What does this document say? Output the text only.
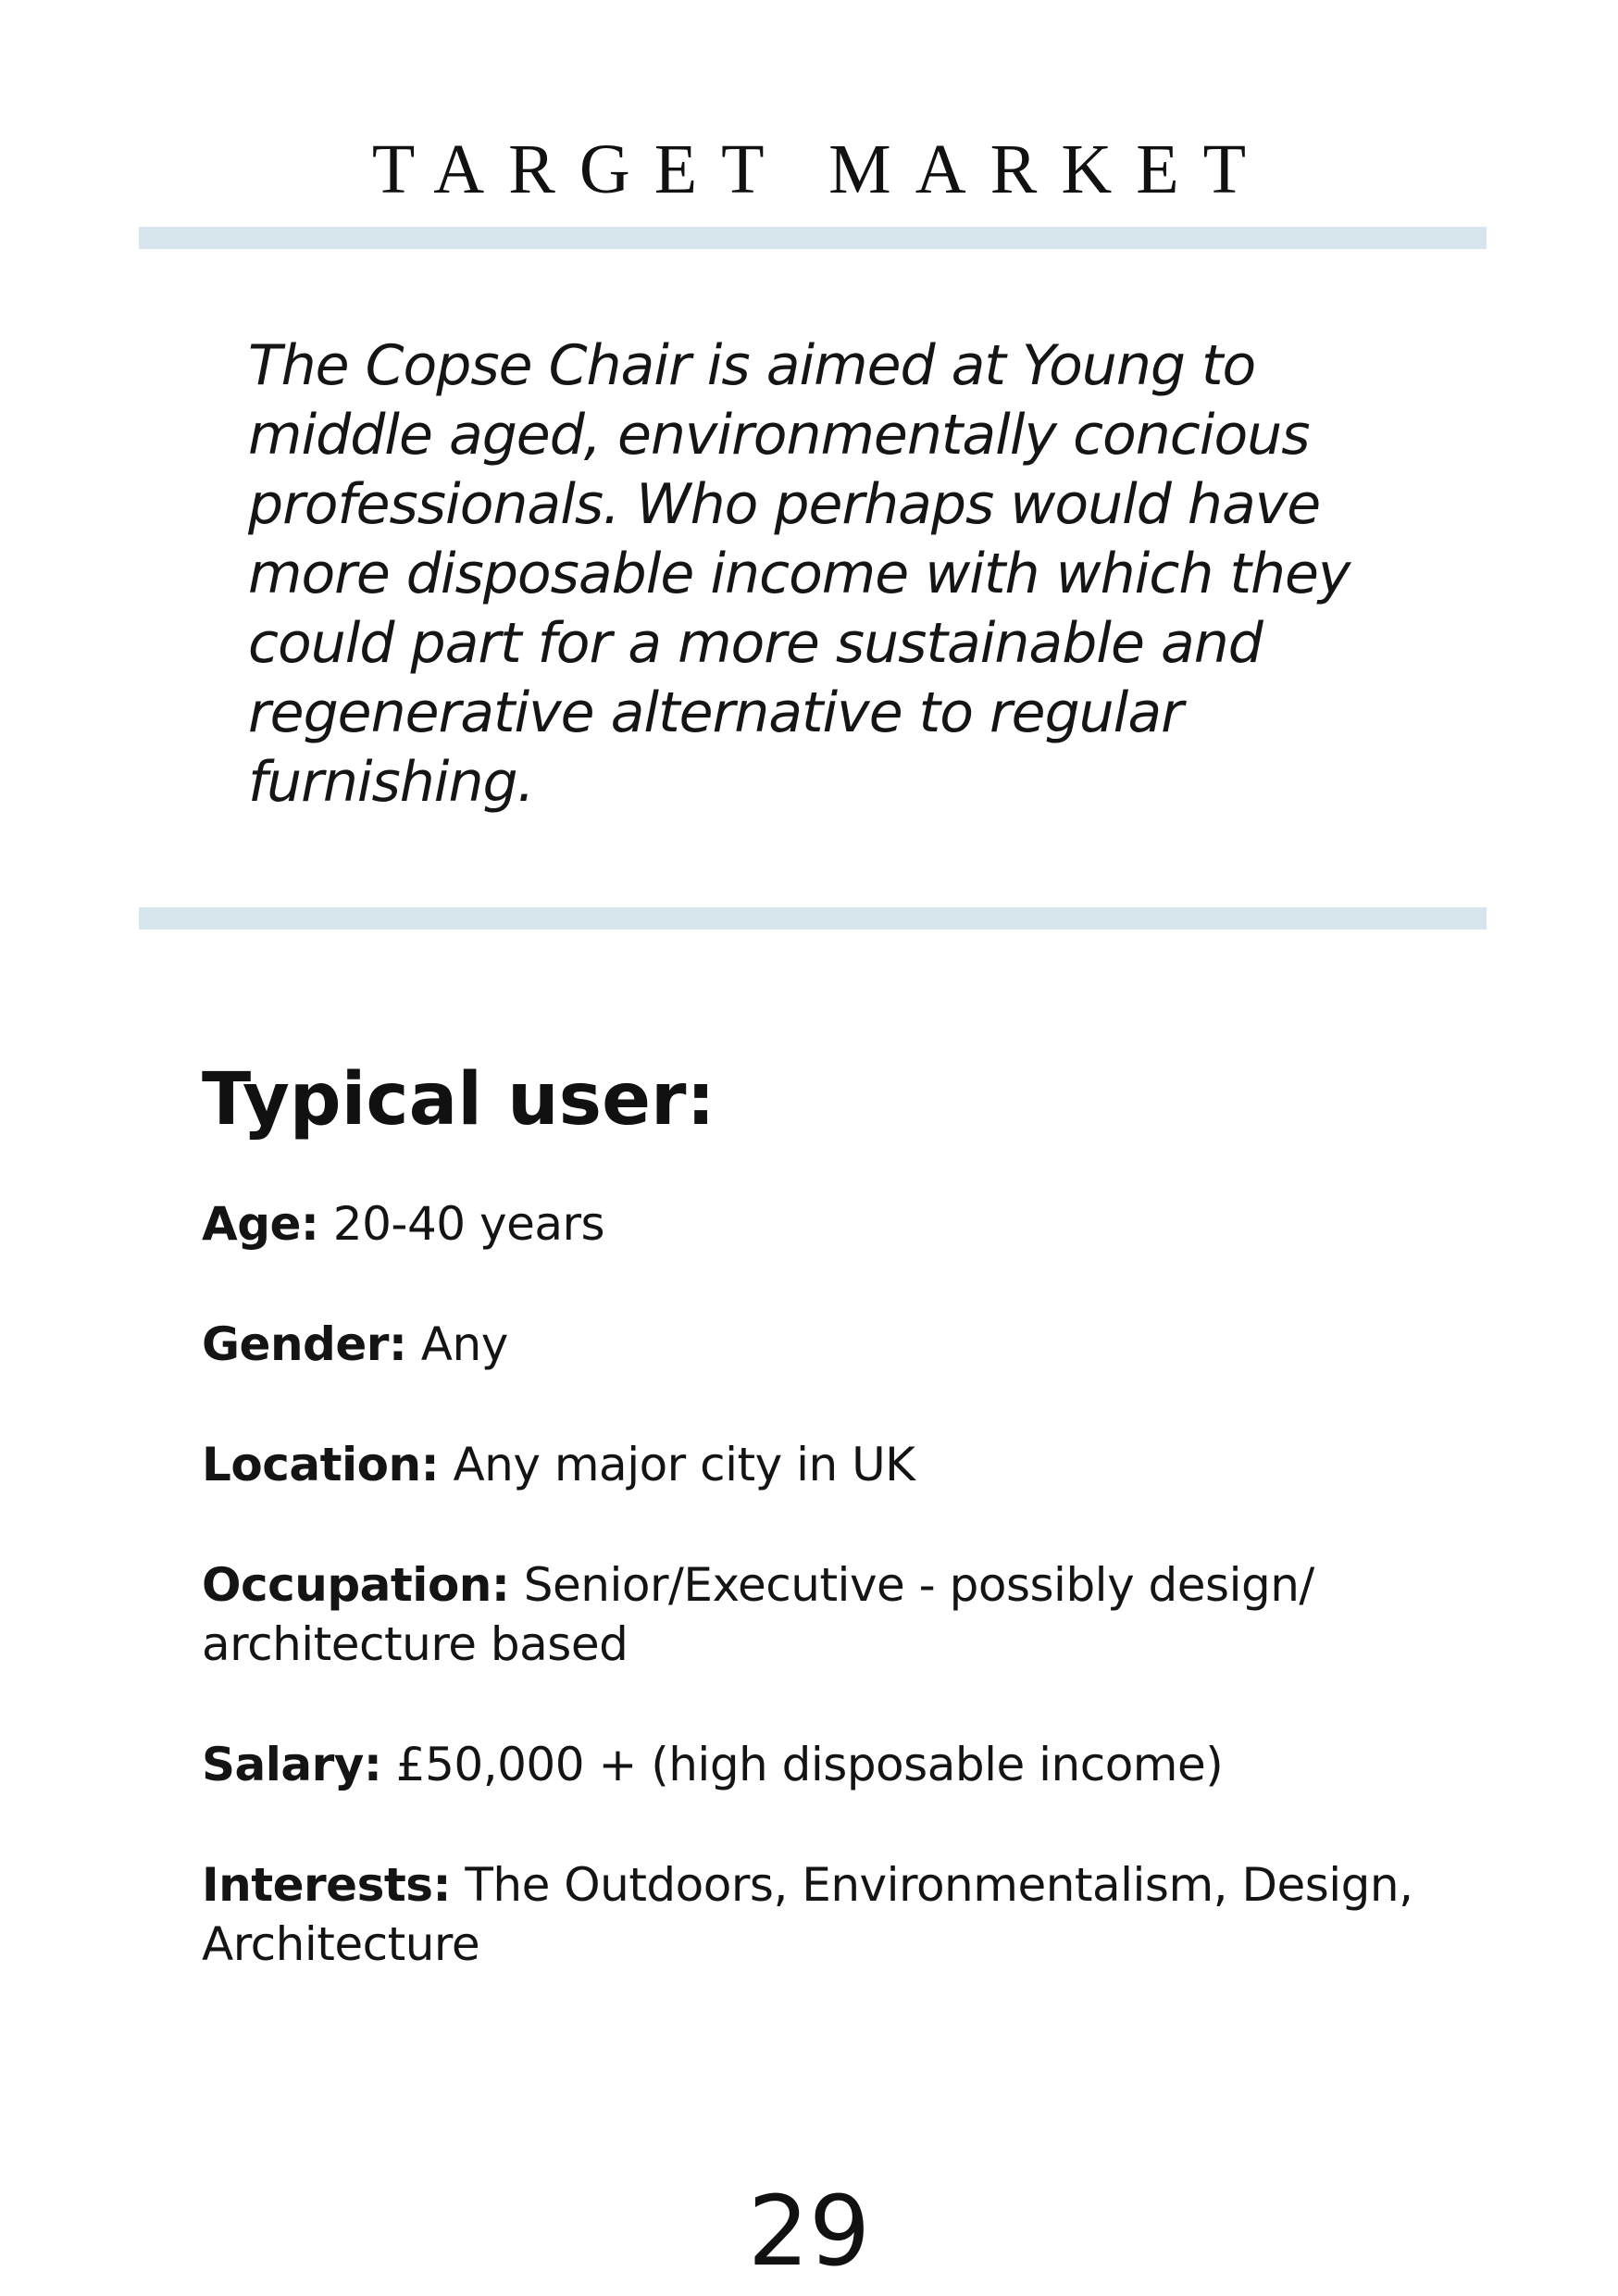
TARGET MARKET

The Copse Chair is aimed at Young to middle aged, environmentally concious professionals. Who perhaps would have more disposable income with which they could part for a more sustainable and regenerative alternative to regular furnishing.

Typical user:
Age: 20-40 years
Gender: Any
Location: Any major city in UK
Occupation: Senior/Executive - possibly design/ architecture based
Salary: £50,000 + (high disposable income)
Interests: The Outdoors, Environmentalism, Design, Architecture
29
